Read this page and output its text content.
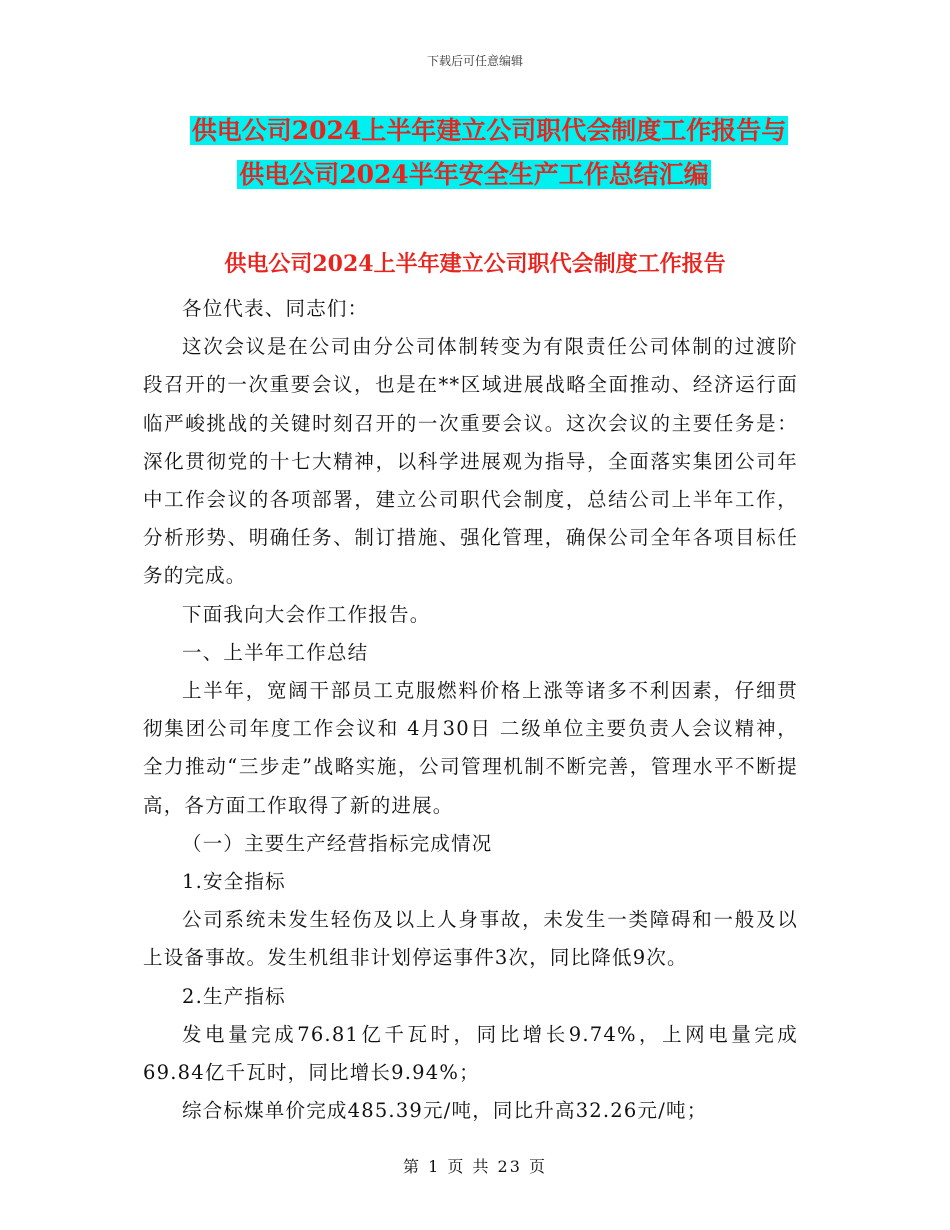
下载后可任意编辑
供电公司2024上半年建立公司职代会制度工作报告与
供电公司2024半年安全生产工作总结汇编
供电公司2024上半年建立公司职代会制度工作报告

各位代表、同志们：

这次会议是在公司由分公司体制转变为有限责任公司体制的过渡阶段召开的一次重要会议，也是在**区域进展战略全面推动、经济运行面临严峻挑战的关键时刻召开的一次重要会议。这次会议的主要任务是：深化贯彻党的十七大精神，以科学进展观为指导，全面落实集团公司年中工作会议的各项部署，建立公司职代会制度，总结公司上半年工作，分析形势、明确任务、制订措施、强化管理，确保公司全年各项目标任务的完成。

下面我向大会作工作报告。

一、上半年工作总结

上半年，宽阔干部员工克服燃料价格上涨等诸多不利因素，仔细贯彻集团公司年度工作会议和 4月30日 二级单位主要负责人会议精神，全力推动“三步走”战略实施，公司管理机制不断完善，管理水平不断提高，各方面工作取得了新的进展。

（一）主要生产经营指标完成情况

1.安全指标

公司系统未发生轻伤及以上人身事故，未发生一类障碍和一般及以上设备事故。发生机组非计划停运事件3次，同比降低9次。

2.生产指标

发电量完成76.81亿千瓦时，同比增长9.74%，上网电量完成69.84亿千瓦时，同比增长9.94%；

综合标煤单价完成485.39元/吨，同比升高32.26元/吨；

第 1 页 共 23 页
